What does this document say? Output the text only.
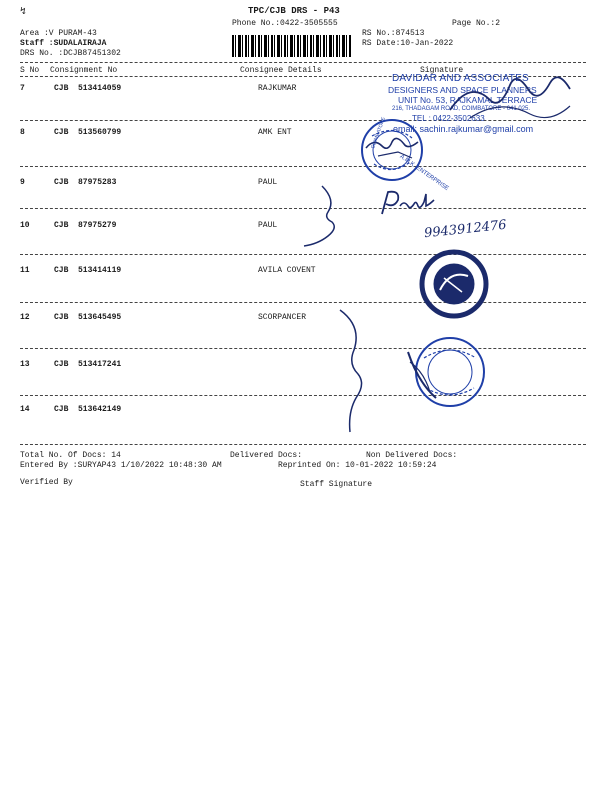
↯	TPC/CJB DRS - P43
Phone No.:0422-3505555	Page No.:2
Area :V PURAM-43
Staff :SUDALAIRAJA
DRS No. :DCJB87451302
RS No.:874513
RS Date:10-Jan-2022
S No Consignment No	Consignee Details	Signature
7	CJB 513414059	RAJKUMAR
8	CJB 513560799	AMK ENT
9	CJB 87975283	PAUL
10	CJB 87975279	PAUL
11	CJB 513414119	AVILA COVENT
12	CJB 513645495	SCORPANCER
13	CJB 513417241
14	CJB 513642149
Total No. Of Docs: 14	Delivered Docs:	Non Delivered Docs:
Entered By :SURYAP43 1/10/2022 10:48:30 AM	Reprinted On: 10-01-2022 10:59:24
Verified By	Staff Signature
DAVIDAR AND ASSOCIATES
DESIGNERS AND SPACE PLANNERS
UNIT No. 53, RAJKAMAL TERRACE
216, THADAGAM ROAD, COIMBATORE - 641 025.
TEL : 0422-3502633
email: sachin.rajkumar@gmail.com
A.M.K. ENTERPRISE
COIMBATORE
9943912476
